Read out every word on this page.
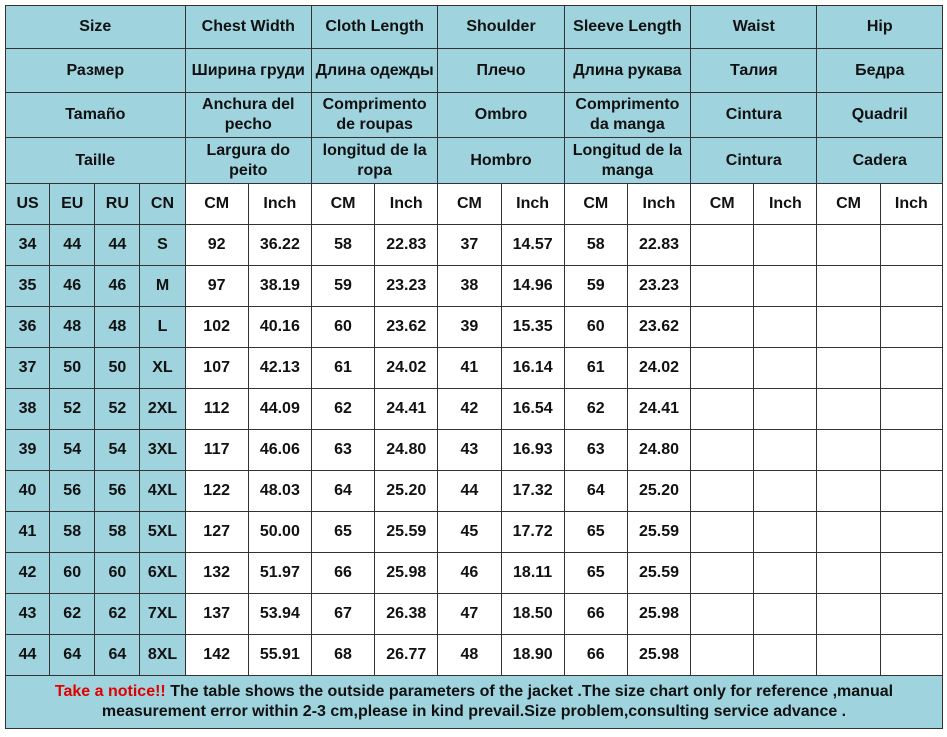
Size				Chest Width		Cloth Length		Shoulder		Sleeve Length		Waist		Hip	
Размер				Ширина груди		Длина одежды		Плечо		Длина рукава		Талия		Бедра	
Tamaño				Anchura del pecho		Comprimento de roupas		Ombro		Comprimento da manga		Cintura		Quadril	
Taille				Largura do peito		longitud de la ropa		Hombro		Longitud de la manga		Cintura		Cadera	
US	EU	RU	CN	CM	Inch	CM	Inch	CM	Inch	CM	Inch	CM	Inch	CM	Inch
34	44	44	S	92	36.22	58	22.83	37	14.57	58	22.83				
35	46	46	M	97	38.19	59	23.23	38	14.96	59	23.23				
36	48	48	L	102	40.16	60	23.62	39	15.35	60	23.62				
37	50	50	XL	107	42.13	61	24.02	41	16.14	61	24.02				
38	52	52	2XL	112	44.09	62	24.41	42	16.54	62	24.41				
39	54	54	3XL	117	46.06	63	24.80	43	16.93	63	24.80				
40	56	56	4XL	122	48.03	64	25.20	44	17.32	64	25.20				
41	58	58	5XL	127	50.00	65	25.59	45	17.72	65	25.59				
42	60	60	6XL	132	51.97	66	25.98	46	18.11	65	25.59				
43	62	62	7XL	137	53.94	67	26.38	47	18.50	66	25.98				
44	64	64	8XL	142	55.91	68	26.77	48	18.90	66	25.98				
Take a notice!! The table shows the outside parameters of the jacket .The size chart only for reference ,manual measurement error within 2-3 cm,please in kind prevail.Size problem,consulting service advance .															
